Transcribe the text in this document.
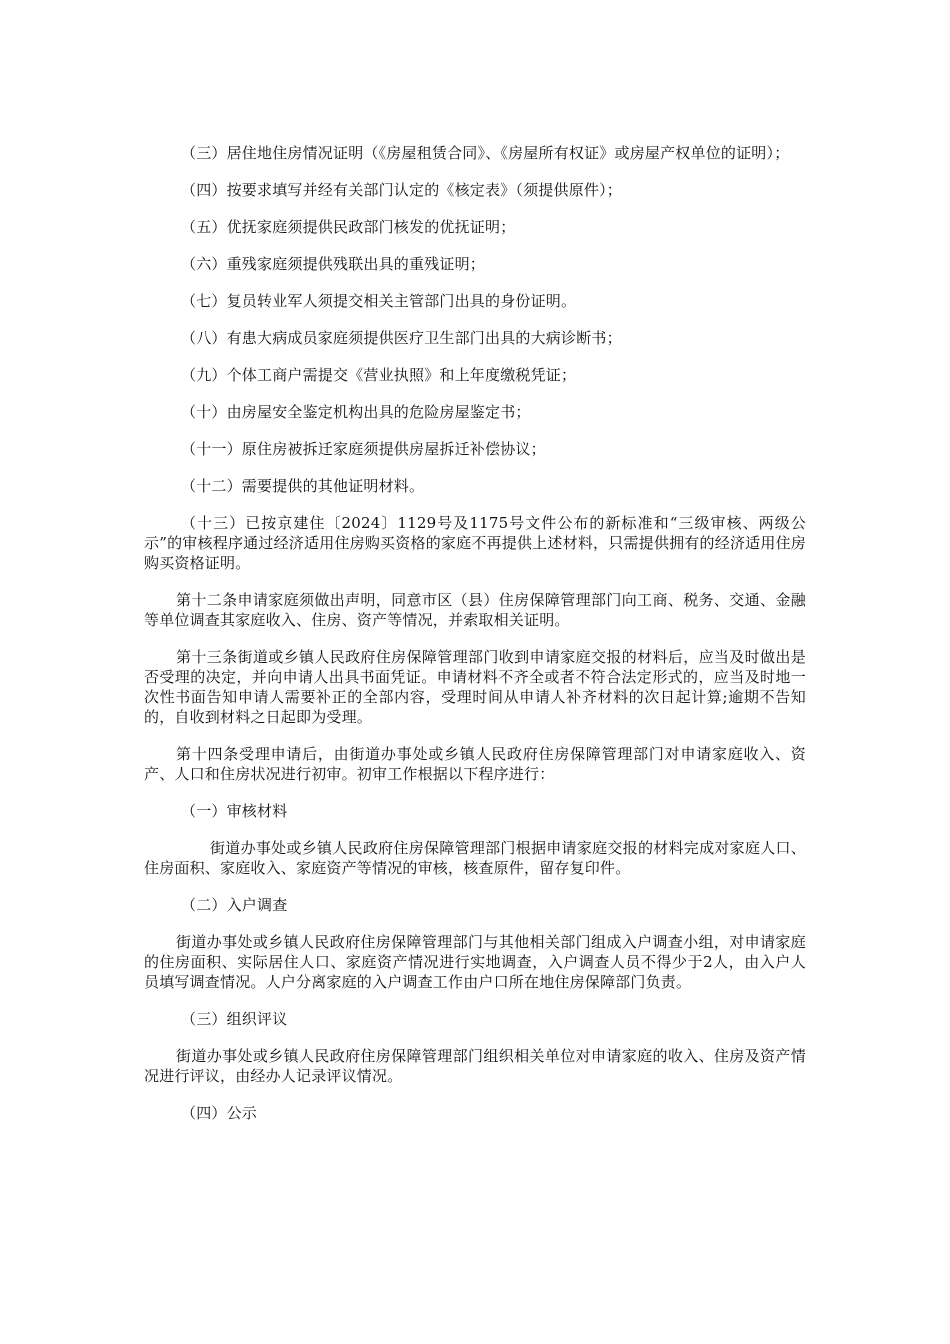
（三）居住地住房情况证明（《房屋租赁合同》、《房屋所有权证》或房屋产权单位的证明）；

（四）按要求填写并经有关部门认定的《核定表》（须提供原件）；

（五）优抚家庭须提供民政部门核发的优抚证明；

（六）重残家庭须提供残联出具的重残证明；

（七）复员转业军人须提交相关主管部门出具的身份证明。

（八）有患大病成员家庭须提供医疗卫生部门出具的大病诊断书；

（九）个体工商户需提交《营业执照》和上年度缴税凭证；

（十）由房屋安全鉴定机构出具的危险房屋鉴定书；

（十一）原住房被拆迁家庭须提供房屋拆迁补偿协议；

（十二）需要提供的其他证明材料。

（十三）已按京建住〔2024〕1129号及1175号文件公布的新标准和“三级审核、两级公示”的审核程序通过经济适用住房购买资格的家庭不再提供上述材料，只需提供拥有的经济适用住房购买资格证明。

第十二条申请家庭须做出声明，同意市区（县）住房保障管理部门向工商、税务、交通、金融等单位调查其家庭收入、住房、资产等情况，并索取相关证明。

第十三条街道或乡镇人民政府住房保障管理部门收到申请家庭交报的材料后，应当及时做出是否受理的决定，并向申请人出具书面凭证。申请材料不齐全或者不符合法定形式的，应当及时地一次性书面告知申请人需要补正的全部内容，受理时间从申请人补齐材料的次日起计算;逾期不告知的，自收到材料之日起即为受理。

第十四条受理申请后，由街道办事处或乡镇人民政府住房保障管理部门对申请家庭收入、资产、人口和住房状况进行初审。初审工作根据以下程序进行：

（一）审核材料

街道办事处或乡镇人民政府住房保障管理部门根据申请家庭交报的材料完成对家庭人口、住房面积、家庭收入、家庭资产等情况的审核，核查原件，留存复印件。

（二）入户调查

街道办事处或乡镇人民政府住房保障管理部门与其他相关部门组成入户调查小组，对申请家庭的住房面积、实际居住人口、家庭资产情况进行实地调查，入户调查人员不得少于2人，由入户人员填写调查情况。人户分离家庭的入户调查工作由户口所在地住房保障部门负责。

（三）组织评议

街道办事处或乡镇人民政府住房保障管理部门组织相关单位对申请家庭的收入、住房及资产情况进行评议，由经办人记录评议情况。

（四）公示
